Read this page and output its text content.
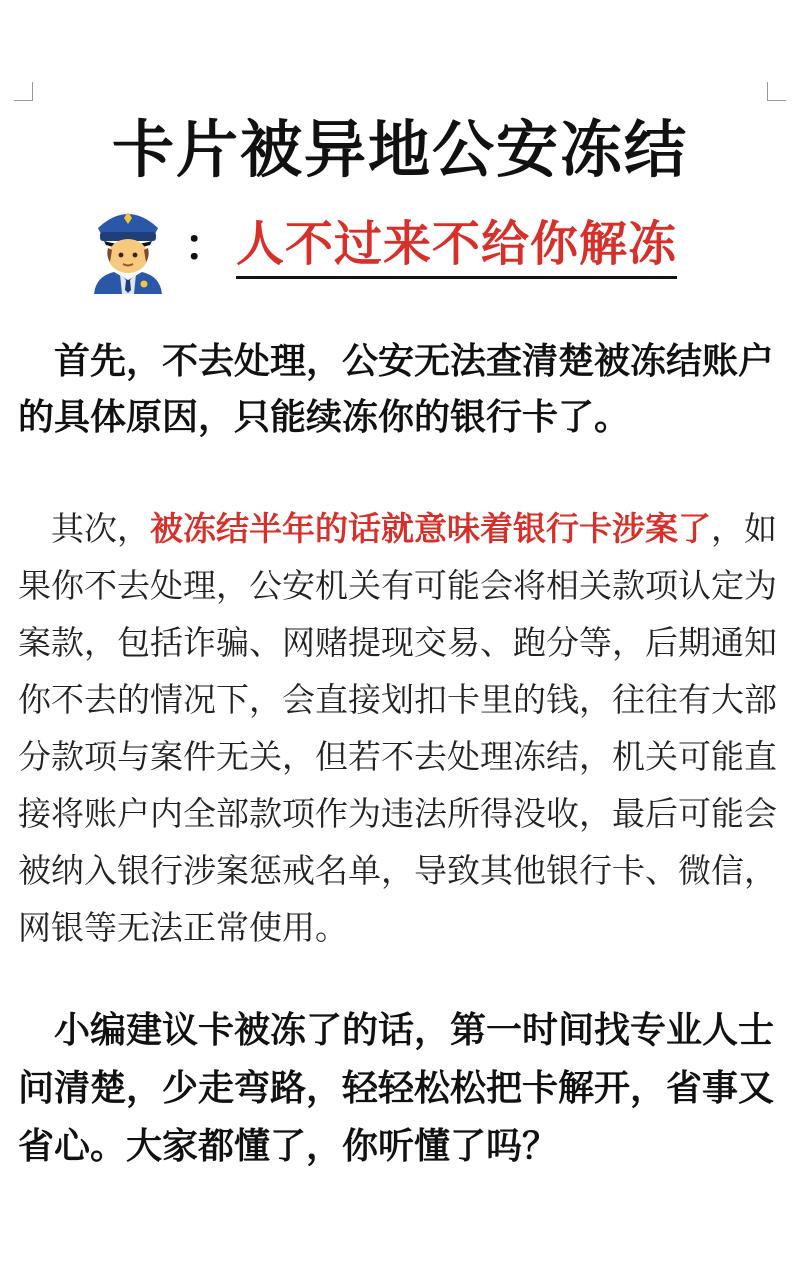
卡片被异地公安冻结
： 人不过来不给你解冻

首先，不去处理，公安无法查清楚被冻结账户的具体原因，只能续冻你的银行卡了。

其次，被冻结半年的话就意味着银行卡涉案了，如果你不去处理，公安机关有可能会将相关款项认定为案款，包括诈骗、网赌提现交易、跑分等，后期通知你不去的情况下，会直接划扣卡里的钱，往往有大部分款项与案件无关，但若不去处理冻结，机关可能直接将账户内全部款项作为违法所得没收，最后可能会被纳入银行涉案惩戒名单，导致其他银行卡、微信，网银等无法正常使用。

小编建议卡被冻了的话，第一时间找专业人士问清楚，少走弯路，轻轻松松把卡解开，省事又省心。大家都懂了，你听懂了吗？
